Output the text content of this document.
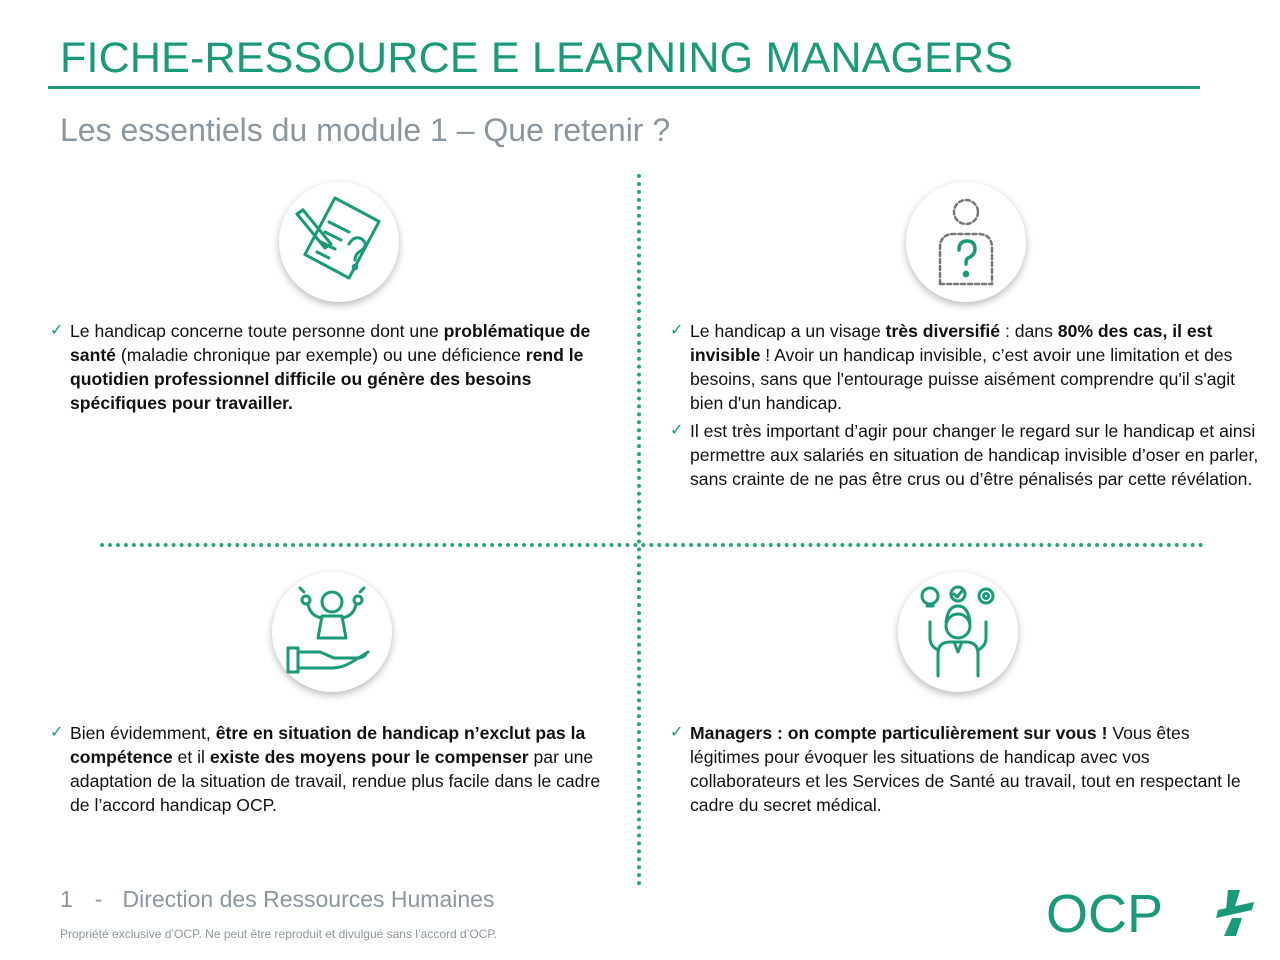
FICHE-RESSOURCE E LEARNING MANAGERS
Les essentiels du module 1 – Que retenir ?
✓ Le handicap concerne toute personne dont une problématique de santé (maladie chronique par exemple) ou une déficience rend le quotidien professionnel difficile ou génère des besoins spécifiques pour travailler.
✓ Le handicap a un visage très diversifié : dans 80% des cas, il est invisible ! Avoir un handicap invisible, c’est avoir une limitation et des besoins, sans que l'entourage puisse aisément comprendre qu'il s'agit bien d'un handicap.
✓ Il est très important d’agir pour changer le regard sur le handicap et ainsi permettre aux salariés en situation de handicap invisible d’oser en parler, sans crainte de ne pas être crus ou d’être pénalisés par cette révélation.
✓ Bien évidemment, être en situation de handicap n’exclut pas la compétence et il existe des moyens pour le compenser par une adaptation de la situation de travail, rendue plus facile dans le cadre de l’accord handicap OCP.
✓ Managers : on compte particulièrement sur vous ! Vous êtes légitimes pour évoquer les situations de handicap avec vos collaborateurs et les Services de Santé au travail, tout en respectant le cadre du secret médical.
1 - Direction des Ressources Humaines
Propriété exclusive d’OCP. Ne peut être reproduit et divulgué sans l’accord d’OCP.	OCP
